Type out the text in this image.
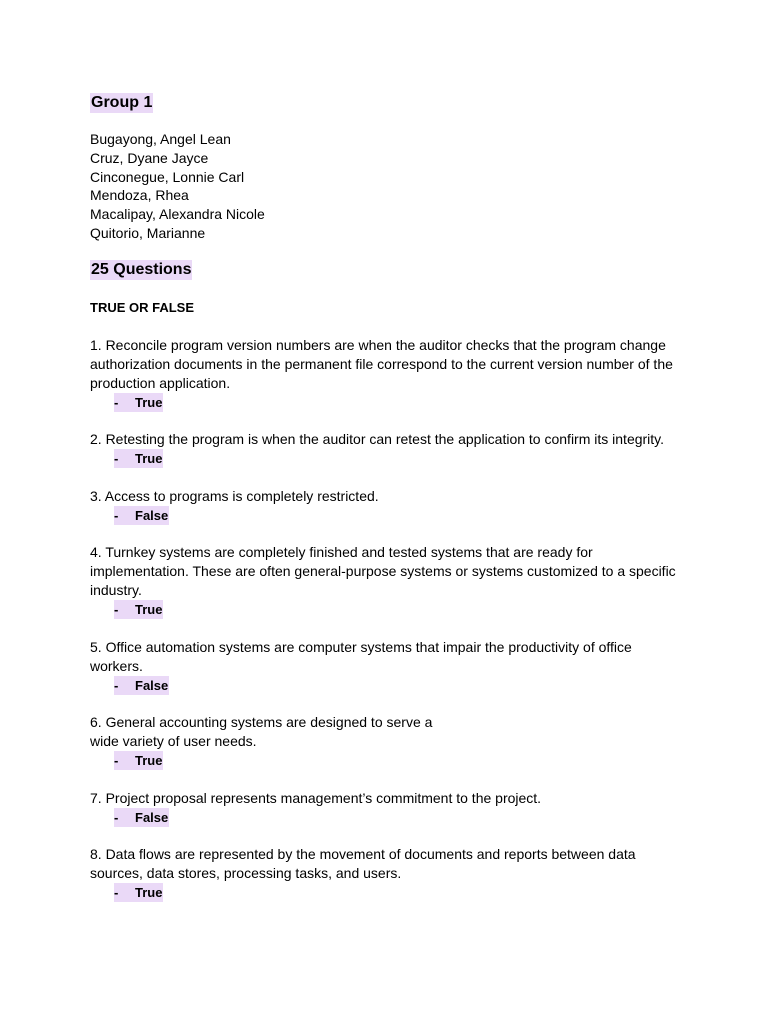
Group 1
Bugayong, Angel Lean
Cruz, Dyane Jayce
Cinconegue, Lonnie Carl
Mendoza, Rhea
Macalipay, Alexandra Nicole
Quitorio, Marianne
25 Questions
TRUE OR FALSE
1. Reconcile program version numbers are when the auditor checks that the program change
authorization documents in the permanent file correspond to the current version number of the
production application.
- True
2. Retesting the program is when the auditor can retest the application to confirm its integrity.
- True
3. Access to programs is completely restricted.
- False
4. Turnkey systems are completely finished and tested systems that are ready for
implementation. These are often general-purpose systems or systems customized to a specific
industry.
- True
5. Office automation systems are computer systems that impair the productivity of office
workers.
- False
6. General accounting systems are designed to serve a
wide variety of user needs.
- True
7. Project proposal represents management’s commitment to the project.
- False
8. Data flows are represented by the movement of documents and reports between data
sources, data stores, processing tasks, and users.
- True
